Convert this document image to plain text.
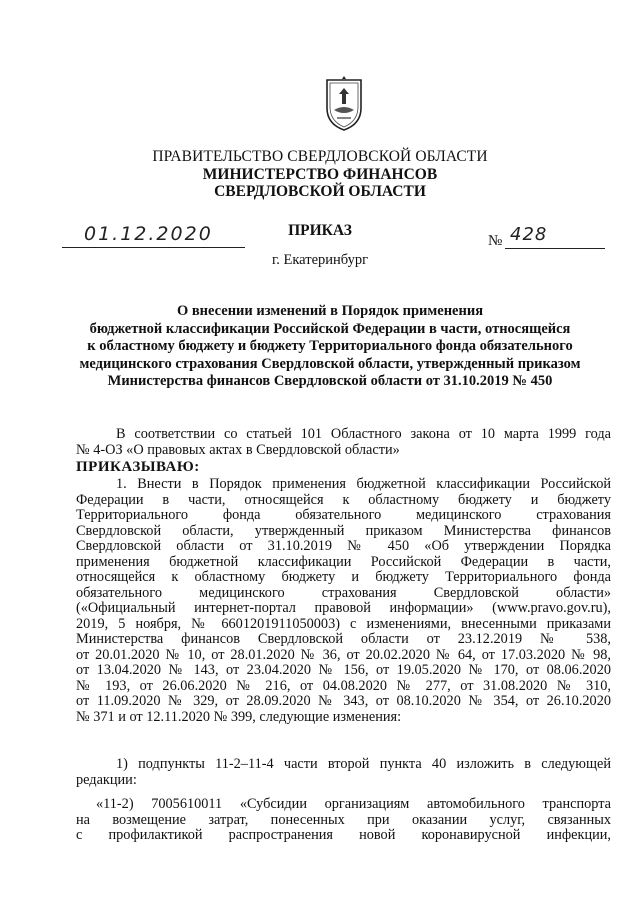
ПРАВИТЕЛЬСТВО СВЕРДЛОВСКОЙ ОБЛАСТИ
МИНИСТЕРСТВО ФИНАНСОВ
СВЕРДЛОВСКОЙ ОБЛАСТИ
ПРИКАЗ
01.12.2020	№ 428
г. Екатеринбург
О внесении изменений в Порядок применения
бюджетной классификации Российской Федерации в части, относящейся
к областному бюджету и бюджету Территориального фонда обязательного
медицинского страхования Свердловской области, утвержденный приказом
Министерства финансов Свердловской области от 31.10.2019 № 450
В соответствии со статьей 101 Областного закона от 10 марта 1999 года
№ 4-ОЗ «О правовых актах в Свердловской области»
ПРИКАЗЫВАЮ:
1. Внести в Порядок применения бюджетной классификации Российской
Федерации в части, относящейся к областному бюджету и бюджету
Территориального фонда обязательного медицинского страхования
Свердловской области, утвержденный приказом Министерства финансов
Свердловской области от 31.10.2019 № 450 «Об утверждении Порядка
применения бюджетной классификации Российской Федерации в части,
относящейся к областному бюджету и бюджету Территориального фонда
обязательного медицинского страхования Свердловской области»
(«Официальный интернет-портал правовой информации» (www.pravo.gov.ru),
2019, 5 ноября, № 6601201911050003) с изменениями, внесенными приказами
Министерства финансов Свердловской области от 23.12.2019 № 538,
от 20.01.2020 № 10, от 28.01.2020 № 36, от 20.02.2020 № 64, от 17.03.2020 № 98,
от 13.04.2020 № 143, от 23.04.2020 № 156, от 19.05.2020 № 170, от 08.06.2020
№ 193, от 26.06.2020 № 216, от 04.08.2020 № 277, от 31.08.2020 № 310,
от 11.09.2020 № 329, от 28.09.2020 № 343, от 08.10.2020 № 354, от 26.10.2020
№ 371 и от 12.11.2020 № 399, следующие изменения:
1) подпункты 11-2–11-4 части второй пункта 40 изложить в следующей
редакции:
«11-2) 7005610011 «Субсидии организациям автомобильного транспорта
на возмещение затрат, понесенных при оказании услуг, связанных
с профилактикой распространения новой коронавирусной инфекции,
